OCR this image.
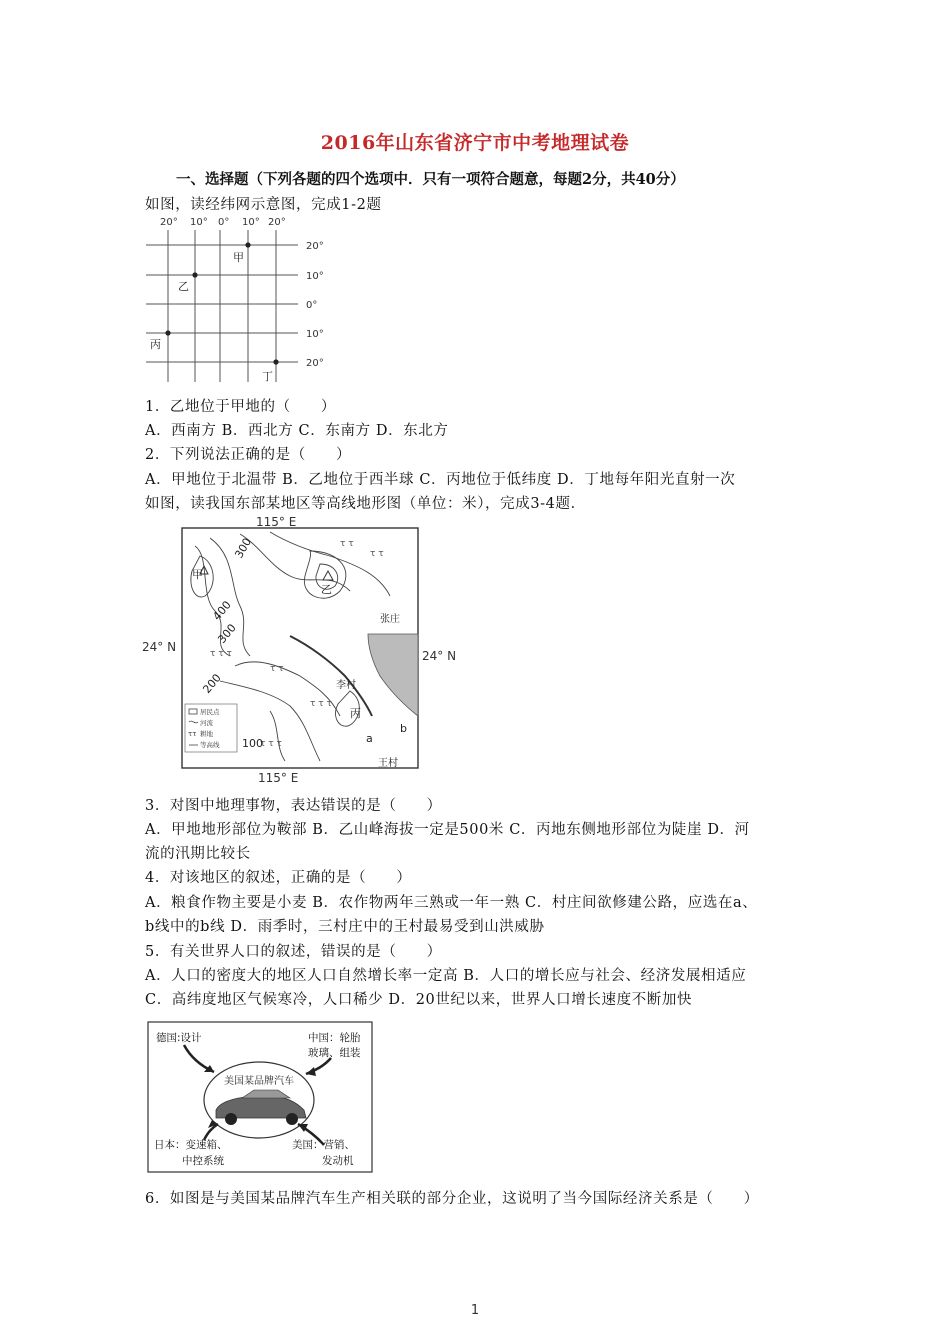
2016年山东省济宁市中考地理试卷
一、选择题（下列各题的四个选项中．只有一项符合题意，每题2分，共40分）
如图，读经纬网示意图，完成1-2题
20° 10° 0° 10° 20°
20°
10°
0°
10°
20°
甲
乙
丙
丁
1．乙地位于甲地的（　　）
A．西南方 B．西北方 C．东南方 D．东北方
2．下列说法正确的是（　　）
A．甲地位于北温带 B．乙地位于西半球 C．丙地位于低纬度 D．丁地每年阳光直射一次
如图，读我国东部某地区等高线地形图（单位：米），完成3-4题．
115° E
115° E
24° N
24° N
τ τ τ
τ τ
τ τ τ
τ τ τ
τ τ
τ τ
300
400
300
200
100
甲
乙
丙
张庄
李村
王村
a
b
居民点
河流
耕地
等高线
ττ
3．对图中地理事物，表达错误的是（　　）
A．甲地地形部位为鞍部 B．乙山峰海拔一定是500米 C．丙地东侧地形部位为陡崖 D．河
流的汛期比较长
4．对该地区的叙述，正确的是（　　）
A．粮食作物主要是小麦 B．农作物两年三熟或一年一熟 C．村庄间欲修建公路，应选在a、
b线中的b线 D．雨季时，三村庄中的王村最易受到山洪威胁
5．有关世界人口的叙述，错误的是（　　）
A．人口的密度大的地区人口自然增长率一定高 B．人口的增长应与社会、经济发展相适应
C．高纬度地区气候寒冷，人口稀少 D．20世纪以来，世界人口增长速度不断加快
美国某品牌汽车
德国:设计	中国：轮胎
玻璃、组装
日本：变速箱、
中控系统
美国：营销、
发动机
6．如图是与美国某品牌汽车生产相关联的部分企业，这说明了当今国际经济关系是（　　）
1
